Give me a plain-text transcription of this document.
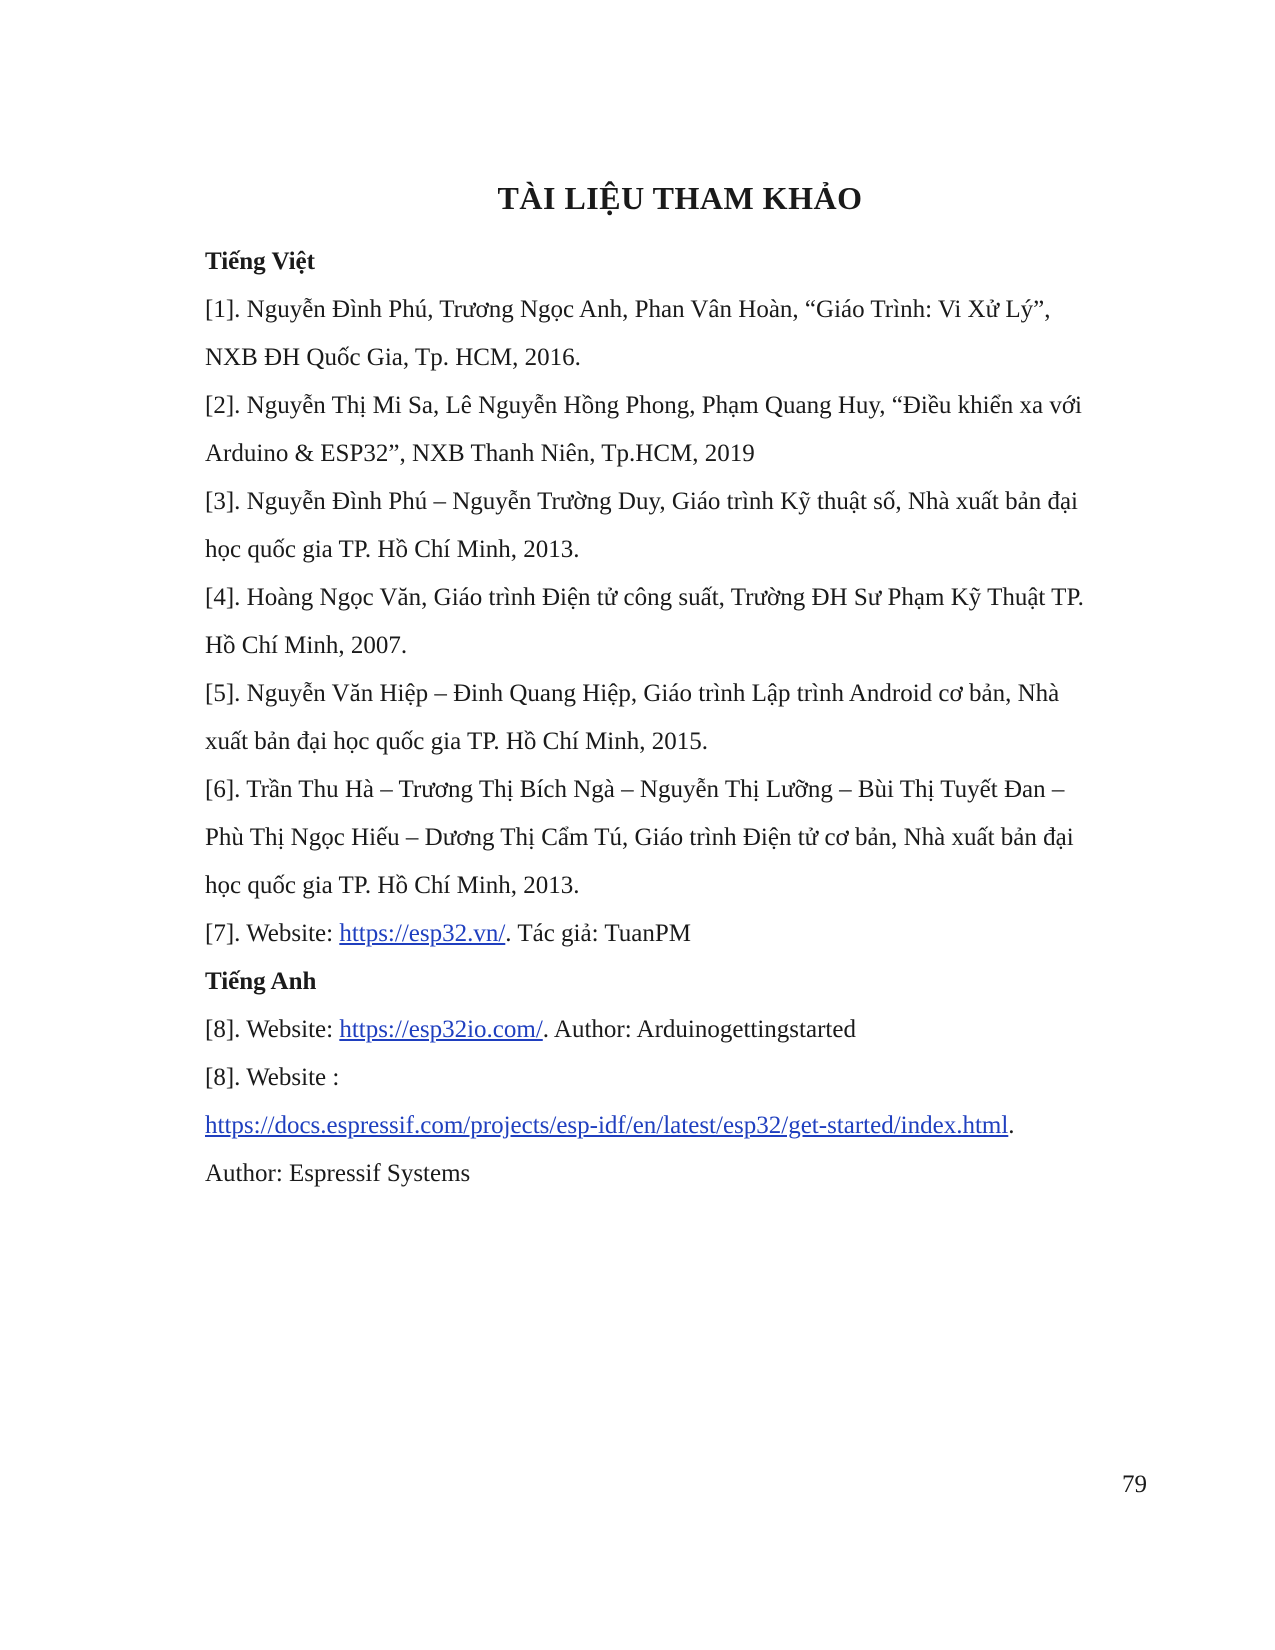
TÀI LIỆU THAM KHẢO
Tiếng Việt
[1]. Nguyễn Đình Phú, Trương Ngọc Anh, Phan Vân Hoàn, “Giáo Trình: Vi Xử Lý”,
NXB ĐH Quốc Gia, Tp. HCM, 2016.
[2]. Nguyễn Thị Mi Sa, Lê Nguyễn Hồng Phong, Phạm Quang Huy, “Điều khiển xa với
Arduino & ESP32”, NXB Thanh Niên, Tp.HCM, 2019
[3]. Nguyễn Đình Phú – Nguyễn Trường Duy, Giáo trình Kỹ thuật số, Nhà xuất bản đại
học quốc gia TP. Hồ Chí Minh, 2013.
[4]. Hoàng Ngọc Văn, Giáo trình Điện tử công suất, Trường ĐH Sư Phạm Kỹ Thuật TP.
Hồ Chí Minh, 2007.
[5]. Nguyễn Văn Hiệp – Đinh Quang Hiệp, Giáo trình Lập trình Android cơ bản, Nhà
xuất bản đại học quốc gia TP. Hồ Chí Minh, 2015.
[6]. Trần Thu Hà – Trương Thị Bích Ngà – Nguyễn Thị Lưỡng – Bùi Thị Tuyết Đan –
Phù Thị Ngọc Hiếu – Dương Thị Cẩm Tú, Giáo trình Điện tử cơ bản, Nhà xuất bản đại
học quốc gia TP. Hồ Chí Minh, 2013.
[7]. Website: https://esp32.vn/. Tác giả: TuanPM
Tiếng Anh
[8]. Website: https://esp32io.com/. Author: Arduinogettingstarted
[8]. Website :
https://docs.espressif.com/projects/esp-idf/en/latest/esp32/get-started/index.html.
Author: Espressif Systems
79
